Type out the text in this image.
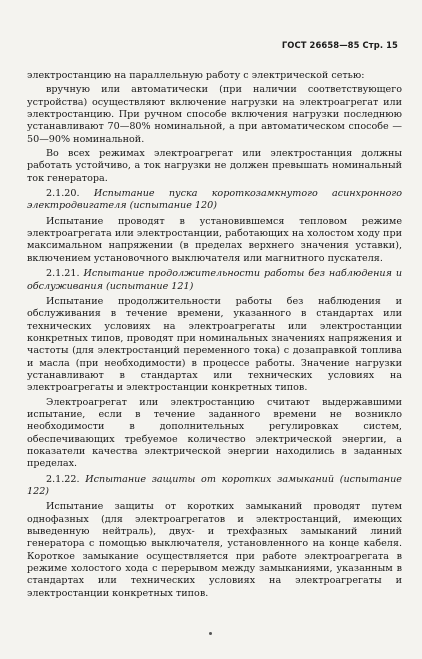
ГОСТ 26658—85 Стр. 15

электростанцию на параллельную работу с электрической сетью:

вручную или автоматически (при наличии соответствующего устройства) осуществляют включение нагрузки на электроагрегат или электростанцию. При ручном способе включения нагрузки последнюю устанавливают 70—80% номинальной, а при автоматическом способе — 50—90% номинальной.

Во всех режимах электроагрегат или электростанция должны работать устойчиво, а ток нагрузки не должен превышать номинальный ток генератора.

2.1.20. Испытание пуска короткозамкнутого асинхронного электродвигателя (испытание 120)

Испытание проводят в установившемся тепловом режиме электроагрегата или электростанции, работающих на холостом ходу при максимальном напряжении (в пределах верхнего значения уставки), включением установочного выключателя или магнитного пускателя.

2.1.21. Испытание продолжительности работы без наблюдения и обслуживания (испытание 121)

Испытание продолжительности работы без наблюдения и обслуживания в течение времени, указанного в стандартах или технических условиях на электроагрегаты или электростанции конкретных типов, проводят при номинальных значениях напряжения и частоты (для электростанций переменного тока) с дозаправкой топлива и масла (при необходимости) в процессе работы. Значение нагрузки устанавливают в стандартах или технических условиях на электроагрегаты и электростанции конкретных типов.

Электроагрегат или электростанцию считают выдержавшими испытание, если в течение заданного времени не возникло необходимости в дополнительных регулировках систем, обеспечивающих требуемое количество электрической энергии, а показатели качества электрической энергии находились в заданных пределах.

2.1.22. Испытание защиты от коротких замыканий (испытание 122)

Испытание защиты от коротких замыканий проводят путем однофазных (для электроагрегатов и электростанций, имеющих выведенную нейтраль), двух- и трехфазных замыканий линий генератора с помощью выключателя, установленного на конце кабеля. Короткое замыкание осуществляется при работе электроагрегата в режиме холостого хода с перерывом между замыканиями, указанным в стандартах или технических условиях на электроагрегаты и электростанции конкретных типов.
